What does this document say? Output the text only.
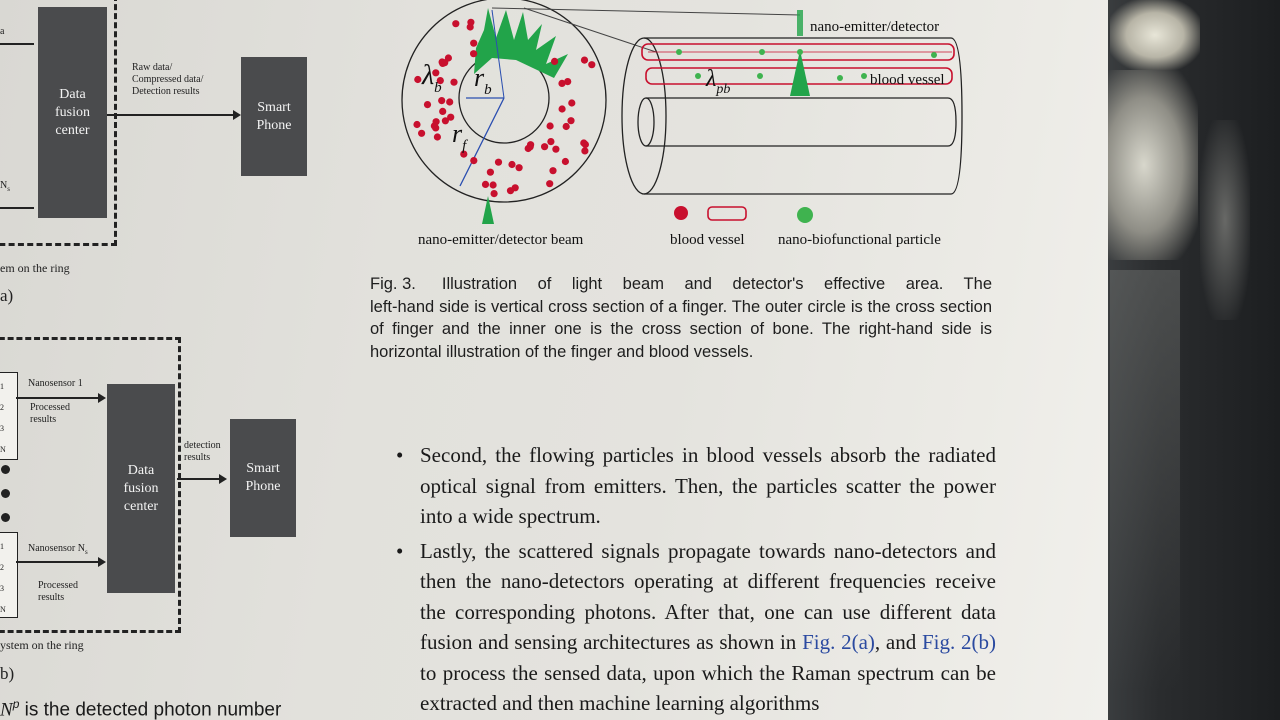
a
$N_s$
Data
fusion
center
Raw data/
Compressed data/
Detection results
Smart
Phone
em on the ring
a)
1
2
3
N
Nanosensor 1
Processed
results
1
2
3
N
Nanosensor $N_s$
Processed
results
Data
fusion
center
detection
results
Smart
Phone
ystem on the ring
b)
$\lambda_b$ $r_b$
$r_f$
nano-emitter/detector
blood vessel
$\lambda_{pb}$
nano-emitter/detector beam	blood vessel nano-biofunctional particle
Fig. 3. Illustration of light beam and detector's effective area. The
left-hand side is vertical cross section of a finger. The outer circle is the cross section of finger and the inner one is the cross section of bone. The right-hand side is horizontal illustration of the finger and blood vessels.
• Second, the flowing particles in blood vessels absorb the radiated optical signal from emitters. Then, the particles scatter the power into a wide spectrum.
• Lastly, the scattered signals propagate towards nano-detectors and then the nano-detectors operating at different frequencies receive the corresponding photons. After that, one can use different data fusion and sensing architectures as shown in Fig. 2(a), and Fig. 2(b) to process the sensed data, upon which the Raman spectrum can be extracted and then machine learning algorithms
$N^p$ is the detected photon number
